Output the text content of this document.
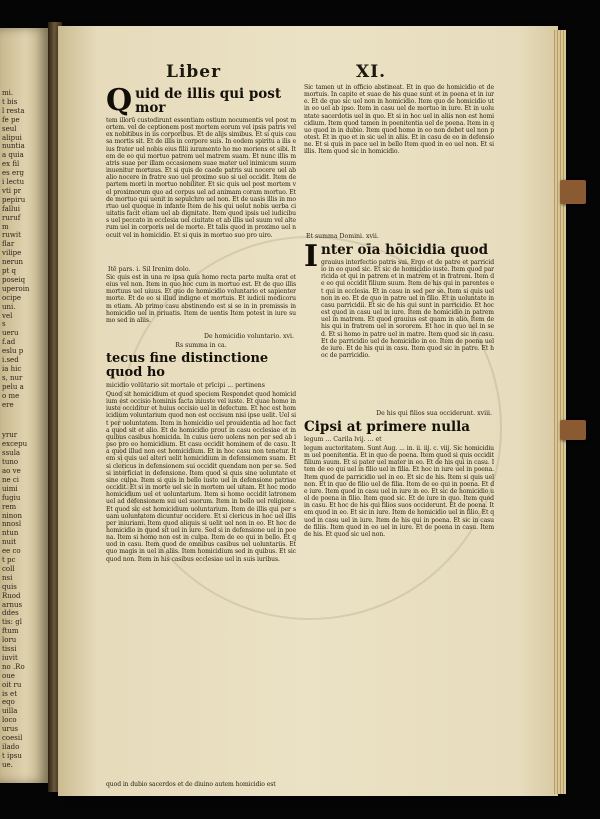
mi.
t bis
l resta
fe pe
seul
alipui
nuntia
a quia
ex fil
es erg
i lectu
vti pr
pepiru
fallui
ruruf
m
ruwit
flar
vilipe
nerun
pt q
poseiq
uperoin
ocipe
uni.
vel
s
ueru
f.ad
eslu p
i.sed
ia hic
s, nur
pelu a
o me
ere
yrur
excepu
ssula
tuno
ao ve
ne ci
uimi
fugiu
rem
ninon
nnosl
ntun
nuit
ee co
t pc
coll
nsi
quis
Ruod
arnus
ddes
tis: gl
ftum
loru
tissi
iuvit
no .Ro
oue
oit ru
is et
eqo
uilla
loco
urus
coesil
ilado
t ipsu
ue.
Liber	XI.
Q uid de illis qui post mor
tem illorū custodirunt essentiam ostium nocumentis vel post mortem. vel de ceptionem post mortem eorum vel ipsis patris vel ex nobitibus in iis corporibus. Et de alijs simibus. Et si quis causa mortis sit. Et de illis in corpore suis. In eodem spiritu a ilis eius frater uel nobis eius filii iuramento ho mo moriens et sibi. Item de eo qui mortuo patrem uel matrem suam. Et nunc illis matris suae per illam occasionem suae mater uel inimicum suum inuenitur mortuus. Et si quis de caede patris sui nocere uel ab alio nocere in fratre suo uel proximo suo si uel occidit. Item de partem morti in mortuo nobiliter. Et sic quis uel post mortem vel proximorum quo ad corpus uel ad animam coram mortuo. Et de mortuo qui uenit in sepulchro uel non. Et de uasis illis in mortuo uel quoque in infante Item de his qui uelut nobis uerba ciuitatis facit etiam uel ab dignitate. Item quod ipsis uel iudicibus uel peccato in ecclesia uel ciuitate et ab illis uel suum vel alterum uel in corporis uel de morte. Et talis quod in proximo uel nocuit vel in homicidio. Et si quis in mortuo suo pro uiro.
Itē pars. i. Sil Irenim dolo.
Sic quis est in una re ipsa quia homo recta parte multa erat et eius vel non. Item in quo hoc cum in mortuo est. Et de quo illis mortuus uel uiuus. Et quo de homicidio voluntario et sapienter morte. Et de eo si illud indigne et mortuis. Et iudicii medicorum etiam. Ab primo casu abstinendo est si se in in premissis in homicidio uel in priuatis. Item de uentis Item potest in iure sumo sed in aliis.
De homicidio voluntario. xvi.
Rs summa in ca.
tecus fine distinctione quod ho
micidio volūtario sit mortale et prīcipi ... pertinens
Quod sit homicidium et quod speciem Respondet quod homicidium est occisio hominis facta iniuste vel iuste. Et quae homo iniuste occiditur et huius occisio uel in defectum. Et hoc est homicidium voluntarium quod non est occisum nisi ipse uelit. Uel sit per uoluntatem. Item in homicidio uel prouidentia ad hoc facta quod sit et alio. Et de homicidio prout in casu ecclesiae et in quibus casibus homicida. In cuius uero uolens non per sed ab ipso pro eo homicidium. Et casu occidit hominem et de casu. Ita quod illud non est homicidium. Et in hoc casu non tenetur. Item si quis uel alteri uelit homicidium in defensionem suam. Et si clericus in defensionem sui occidit quendam non per se. Sed si interficiat in defensione. Item quod si quis sine uoluntate et sine culpa. Item si quis in bello iusto uel in defensione patriae occidit. Et si in morte uel sic in mortem uel uitam. Et hoc modo homicidium uel et uoluntarium. Item si homo occidit latronem uel ad defensionem sui uel suorum. Item in bello uel religione. Et quod sic est homicidium uoluntarium. Item de illis qui per suam uoluntatem dicuntur occidere. Et si clericus in hoc uel illis per iniuriam. Item quod aliquis si uelit uel non in eo. Et hoc de homicidio in quod sit uel in iure. Sed si in defensione uel in poena. Item si homo non est in culpa. Item de eo qui in bello. Et quod in casu. Item quod de omnibus casibus uel uoluntariis. Et quo magis in uel in aliis. Item homicidium sed in quibus. Et sic quod non. Item in his casibus ecclesiae uel in suis iuribus.
quod in dubio sacerdos et de diuino autem homicidio est
Sic tamen ut in officio abstineat. Et in quo de homicidio et de mortuis. In capite et suae de his quae sunt et in poena et in iure. Et de quo sic uel non in homicidio. Item quo de homicidio ut in eo uel ab ipso. Item in casu uel de mortuo in iure. Et in uoluntate sacerdotis uel in quo. Et si in hoc uel in aliis non est homicidium. Item quod tamen in poenitentia uel de poena. Item in quo quod in in dubio. Item quod homo in eo non debet uel non potest. Et in quo et in sic uel in aliis. Et in casu de eo in defensione. Et si quis in pace uel in bello Item quod in eo uel non. Et si illis. Item quod sic in homicidio.
Et summa Domini. xvii.
I nter oīa hōicidia quod
grauius interfectio patris sui. Ergo et de patre et parricidio in eo quod sic. Et sic de homicidio iuste. Item quod parricida et qui in patrem et in matrem et in fratrem. Item de eo qui occidit filium suum. Item de his qui in parentes et qui in ecclesia. Et in casu in sed per se. Item si quis uel non in eo. Et de quo in patre uel in filio. Et in uoluntate in casu parricidii. Et sic de his qui sunt in parricidio. Et hoc est quod in casu uel in iure. Item de homicidio in patrem uel in matrem. Et quod grauius est quam in alio. Item de his qui in fratrem uel in sororem. Et hoc in quo uel in sed. Et si homo in patre uel in matre. Item quod sic in casu. Et de parricidio uel de homicidio in eo. Item de poena uel de iure. Et de his qui in casu. Item quod sic in patre. Et hoc de parricidio.
De his qui filios sua occiderunt. xviii.
Cipsi at primere nulla
legum ... Carila lvij. ... et
legum auctoritatem. Sunt Aug. ... in. ii. iij. c. viij. Sic homicidium uel poenitentia. Et in quo de poena. Item quod si quis occidit filium suum. Et si pater uel mater in eo. Et de his qui in casu. Item de eo qui uel in filio uel in filia. Et hoc in iure uel in poena. Item quod de parricidio uel in eo. Et sic de his. Item si quis uel non. Et in quo de filio uel de filia. Item de eo qui in poena. Et de iure. Item quod in casu uel in iure in eo. Et sic de homicidio uel de poena in filio. Item quod sic. Et de iure in quo. Item quod in casu. Et hoc de his qui filios suos occiderunt. Et de poena. Item quod in eo. Et sic in iure. Item de homicidio uel in filio. Et quod in casu uel in iure. Item de his qui in poena. Et sic in casu de filiis. Item quod in eo uel in iure. Et de poena in casu. Item de his. Et quod sic uel non.
